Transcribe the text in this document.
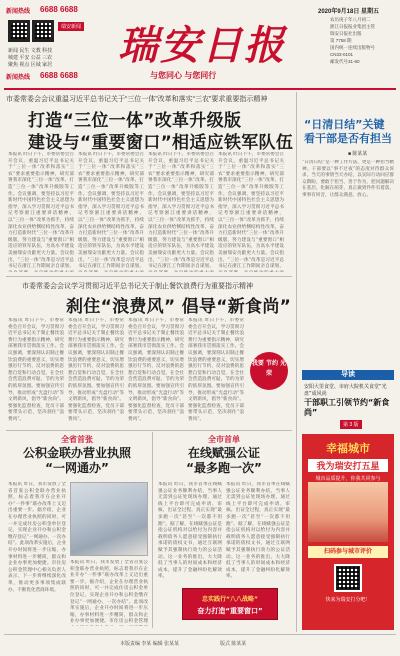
新闻热线 6688 6688
瑞安新闻
新闻 民生 文教 科技
城建 平安 公益 三农
聚焦 视点 区域 家居
新闻热线 6688 6688
瑞安日报
与您同心 与您同行
2020年9月18日 星期五
农历庚子年八月初二
浙江日报报业集团主管
瑞安日报社出版
第 7758 期
国内统一连续出版物号
CN33-0101
邮发代号31-60
市委常委会会议重温习近平总书记关于“三位一体”改革和落实“三农”要求重要指示精神
打造“三位一体”改革升级版
建设与“重要窗口”相适应铁军队伍
本报讯 昨日下午，市委常委会召开会议，重温习近平总书记关于“三位一体”改革和落实“三农”要求重要指示精神，研究部署我市深化“三位一体”改革、打造“三位一体”改革升级版等工作。会议强调，要坚持以习近平新时代中国特色社会主义思想为指导，深入学习贯彻习近平总书记考察浙江重要讲话精神，以“三位一体”改革为抓手，持续深化农业供给侧结构性改革，奋力打造新时代“三位一体”改革升级版，努力建设与“重要窗口”相适应的铁军队伍，为高水平建设美丽瑞安贡献更大力量。会议指出，“三位一体”改革是习近平总书记在浙江工作期间亲自谋划、
本报讯 昨日下午，市委常委会召开会议，重温习近平总书记关于“三位一体”改革和落实“三农”要求重要指示精神，研究部署我市深化“三位一体”改革、打造“三位一体”改革升级版等工作。会议强调，要坚持以习近平新时代中国特色社会主义思想为指导，深入学习贯彻习近平总书记考察浙江重要讲话精神，以“三位一体”改革为抓手，持续深化农业供给侧结构性改革，奋力打造新时代“三位一体”改革升级版，努力建设与“重要窗口”相适应的铁军队伍，为高水平建设美丽瑞安贡献更大力量。会议指出，“三位一体”改革是习近平总书记在浙江工作期间亲自谋划、
本报讯 昨日下午，市委常委会召开会议，重温习近平总书记关于“三位一体”改革和落实“三农”要求重要指示精神，研究部署我市深化“三位一体”改革、打造“三位一体”改革升级版等工作。会议强调，要坚持以习近平新时代中国特色社会主义思想为指导，深入学习贯彻习近平总书记考察浙江重要讲话精神，以“三位一体”改革为抓手，持续深化农业供给侧结构性改革，奋力打造新时代“三位一体”改革升级版，努力建设与“重要窗口”相适应的铁军队伍，为高水平建设美丽瑞安贡献更大力量。会议指出，“三位一体”改革是习近平总书记在浙江工作期间亲自谋划、
本报讯 昨日下午，市委常委会召开会议，重温习近平总书记关于“三位一体”改革和落实“三农”要求重要指示精神，研究部署我市深化“三位一体”改革、打造“三位一体”改革升级版等工作。会议强调，要坚持以习近平新时代中国特色社会主义思想为指导，深入学习贯彻习近平总书记考察浙江重要讲话精神，以“三位一体”改革为抓手，持续深化农业供给侧结构性改革，奋力打造新时代“三位一体”改革升级版，努力建设与“重要窗口”相适应的铁军队伍，为高水平建设美丽瑞安贡献更大力量。会议指出，“三位一体”改革是习近平总书记在浙江工作期间亲自谋划、
“日清日结”关键看干部是否有担当
■ 陈某某
“日清日结”是一种工作方法，更是一种担当精神。干部要以“事不过夜”的态度对待群众诉求，当天的事情当天办结，以实际行动回应群众期盼。要敢于担当、善于作为，把问题解决在基层、化解在萌芽，真正做到件件有着落、事事有回音，让群众满意、放心。
导读
安阳大里食堂、市府大院机关食堂“光盘”成风尚
干部职工引领节约“新食尚”
第 3 版
幸福城市
我为瑞安打五星
城市品质提升，你我共同参与
扫码参与城市评价
快来为瑞安打分吧！
市委常委会会议学习贯彻习近平总书记关于制止餐饮浪费行为重要指示精神
刹住“浪费风” 倡导“新食尚”
本报讯 昨日下午，市委常委会召开会议，学习贯彻习近平总书记关于制止餐饮浪费行为重要指示精神，研究部署我市贯彻落实工作。会议强调，要深刻认识制止餐饮浪费的重要意义，切实增强厉行节约、反对浪费的思想自觉和行动自觉，在全社会营造浪费可耻、节约为荣的浓厚氛围。要加强宣传引导，推动形成“光盘行动”等文明新风，倡导“新食尚”。要强化监督检查，党员干部要带头示范，坚决刹住“浪费风”。
本报讯 昨日下午，市委常委会召开会议，学习贯彻习近平总书记关于制止餐饮浪费行为重要指示精神，研究部署我市贯彻落实工作。会议强调，要深刻认识制止餐饮浪费的重要意义，切实增强厉行节约、反对浪费的思想自觉和行动自觉，在全社会营造浪费可耻、节约为荣的浓厚氛围。要加强宣传引导，推动形成“光盘行动”等文明新风，倡导“新食尚”。要强化监督检查，党员干部要带头示范，坚决刹住“浪费风”。
本报讯 昨日下午，市委常委会召开会议，学习贯彻习近平总书记关于制止餐饮浪费行为重要指示精神，研究部署我市贯彻落实工作。会议强调，要深刻认识制止餐饮浪费的重要意义，切实增强厉行节约、反对浪费的思想自觉和行动自觉，在全社会营造浪费可耻、节约为荣的浓厚氛围。要加强宣传引导，推动形成“光盘行动”等文明新风，倡导“新食尚”。要强化监督检查，党员干部要带头示范，坚决刹住“浪费风”。
本报讯 昨日下午，市委常委会召开会议，学习贯彻习近平总书记关于制止餐饮浪费行为重要指示精神，研究部署我市贯彻落实工作。会议强调，要深刻认识制止餐饮浪费的重要意义，切实增强厉行节约、反对浪费的思想自觉和行动自觉，在全社会营造浪费可耻、节约为荣的浓厚氛围。要加强宣传引导，推动形成“光盘行动”等文明新风，倡导“新食尚”。要强化监督检查，党员干部要带头示范，坚决刹住“浪费风”。
我要 节约 光荣
全省首张
公积金联办营业执照
“一网通办”
本报讯 昨日，我市发放了全省首张公积金联办营业执照，标志着我市在企业开办“一件事”联办改革上又迈出重要一步。据介绍，企业在办理营业执照的同时，可一并完成住房公积金单位登记，实现企业开办和公积金缴存登记“一网通办、一次办结”。此项改革实施后，企业开办时间将进一步压缩，办事材料进一步精简，群众和企业办事更加便捷。市住房公积金管理中心相关负责人表示，下一步将继续深化改革，推动更多事项集成联办，不断优化营商环境。
本报讯 昨日，我市发放了全省首张公积金联办营业执照，标志着我市在企业开办“一件事”联办改革上又迈出重要一步。据介绍，企业在办理营业执照的同时，可一并完成住房公积金单位登记，实现企业开办和公积金缴存登记“一网通办、一次办结”。此项改革实施后，企业开办时间将进一步压缩，办事材料进一步精简，群众和企业办事更加便捷。市住房公积金管理
全市首单
在线赋强公证
“最多跑一次”
本报讯 昨日，我市首单在线赋强公证业务顺利办结，当事人无需到公证处现场办理，通过线上平台即可完成申请、审核、出证全过程，真正实现“最多跑一次”甚至“一次都不用跑”。据了解，在线赋强公证是指公证机构对以给付为内容并载明债务人愿意接受强制执行承诺的债权文书，通过互联网赋予其强制执行效力的公证活动。这一业务的推出，大大降低了当事人的时间成本和经济成本，提升了金融纠纷化解效率。
本报讯 昨日，我市首单在线赋强公证业务顺利办结，当事人无需到公证处现场办理，通过线上平台即可完成申请、审核、出证全过程，真正实现“最多跑一次”甚至“一次都不用跑”。据了解，在线赋强公证是指公证机构对以给付为内容并载明债务人愿意接受强制执行承诺的债权文书，通过互联网赋予其强制执行效力的公证活动。这一业务的推出，大大降低了当事人的时间成本和经济成本，提升了金融纠纷化解效率。
忠实践行“八八战略”
奋力打造“重要窗口”
本版责编 李某 编辑 张某某	版式 陈某某
